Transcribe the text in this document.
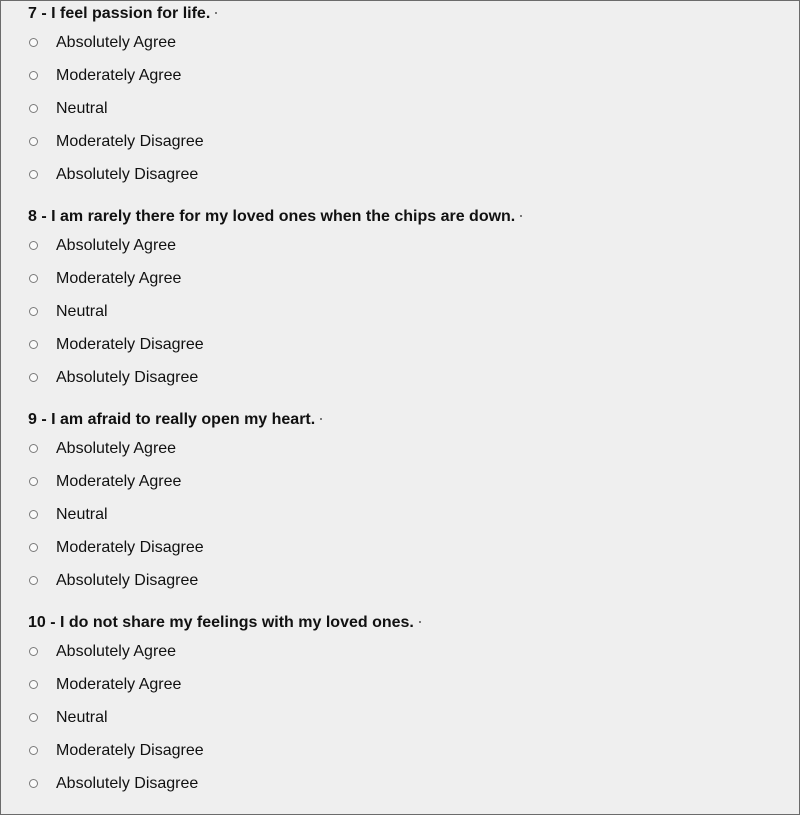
7 - I feel passion for life.
Absolutely Agree
Moderately Agree
Neutral
Moderately Disagree
Absolutely Disagree
8 - I am rarely there for my loved ones when the chips are down.
Absolutely Agree
Moderately Agree
Neutral
Moderately Disagree
Absolutely Disagree
9 - I am afraid to really open my heart.
Absolutely Agree
Moderately Agree
Neutral
Moderately Disagree
Absolutely Disagree
10 - I do not share my feelings with my loved ones.
Absolutely Agree
Moderately Agree
Neutral
Moderately Disagree
Absolutely Disagree
